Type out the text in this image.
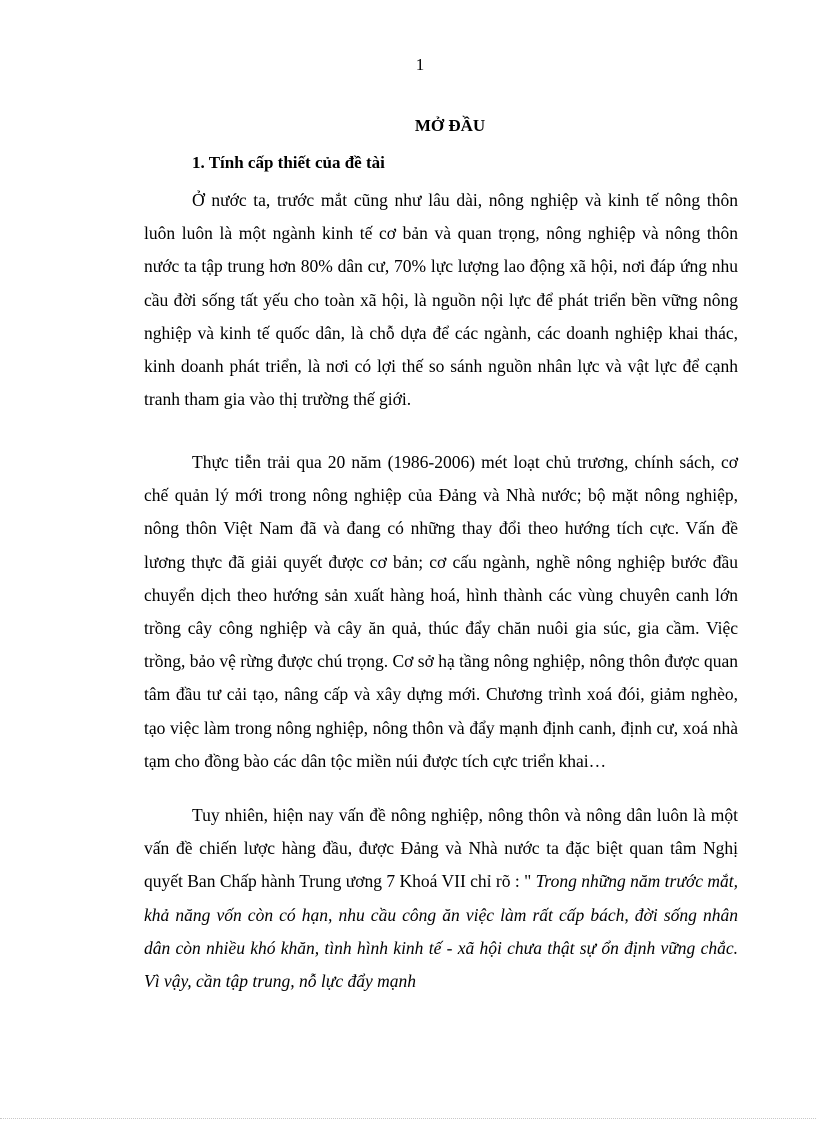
1
MỞ ĐẦU
1. Tính cấp thiết của đề tài

Ở nước ta, trước mắt cũng như lâu dài, nông nghiệp và kinh tế nông thôn luôn luôn là một ngành kinh tế cơ bản và quan trọng, nông nghiệp và nông thôn nước ta tập trung hơn 80% dân cư, 70% lực lượng lao động xã hội, nơi đáp ứng nhu cầu đời sống tất yếu cho toàn xã hội, là nguồn nội lực để phát triển bền vững nông nghiệp và kinh tế quốc dân, là chỗ dựa để các ngành, các doanh nghiệp khai thác, kinh doanh phát triển, là nơi có lợi thế so sánh nguồn nhân lực và vật lực để cạnh tranh tham gia vào thị trường thế giới.

Thực tiễn trải qua 20 năm (1986-2006) mét loạt chủ trương, chính sách, cơ chế quản lý mới trong nông nghiệp của Đảng và Nhà nước; bộ mặt nông nghiệp, nông thôn Việt Nam đã và đang có những thay đổi theo hướng tích cực. Vấn đề lương thực đã giải quyết được cơ bản; cơ cấu ngành, nghề nông nghiệp bước đầu chuyển dịch theo hướng sản xuất hàng hoá, hình thành các vùng chuyên canh lớn trồng cây công nghiệp và cây ăn quả, thúc đẩy chăn nuôi gia súc, gia cầm. Việc trồng, bảo vệ rừng được chú trọng. Cơ sở hạ tầng nông nghiệp, nông thôn được quan tâm đầu tư cải tạo, nâng cấp và xây dựng mới. Chương trình xoá đói, giảm nghèo, tạo việc làm trong nông nghiệp, nông thôn và đẩy mạnh định canh, định cư, xoá nhà tạm cho đồng bào các dân tộc miền núi được tích cực triển khai…

Tuy nhiên, hiện nay vấn đề nông nghiệp, nông thôn và nông dân luôn là một vấn đề chiến lược hàng đầu, được Đảng và Nhà nước ta đặc biệt quan tâm Nghị quyết Ban Chấp hành Trung ương 7 Khoá VII chỉ rõ : " Trong những năm trước mắt, khả năng vốn còn có hạn, nhu cầu công ăn việc làm rất cấp bách, đời sống nhân dân còn nhiều khó khăn, tình hình kinh tế - xã hội chưa thật sự ổn định vững chắc. Vì vậy, cần tập trung, nỗ lực đẩy mạnh
